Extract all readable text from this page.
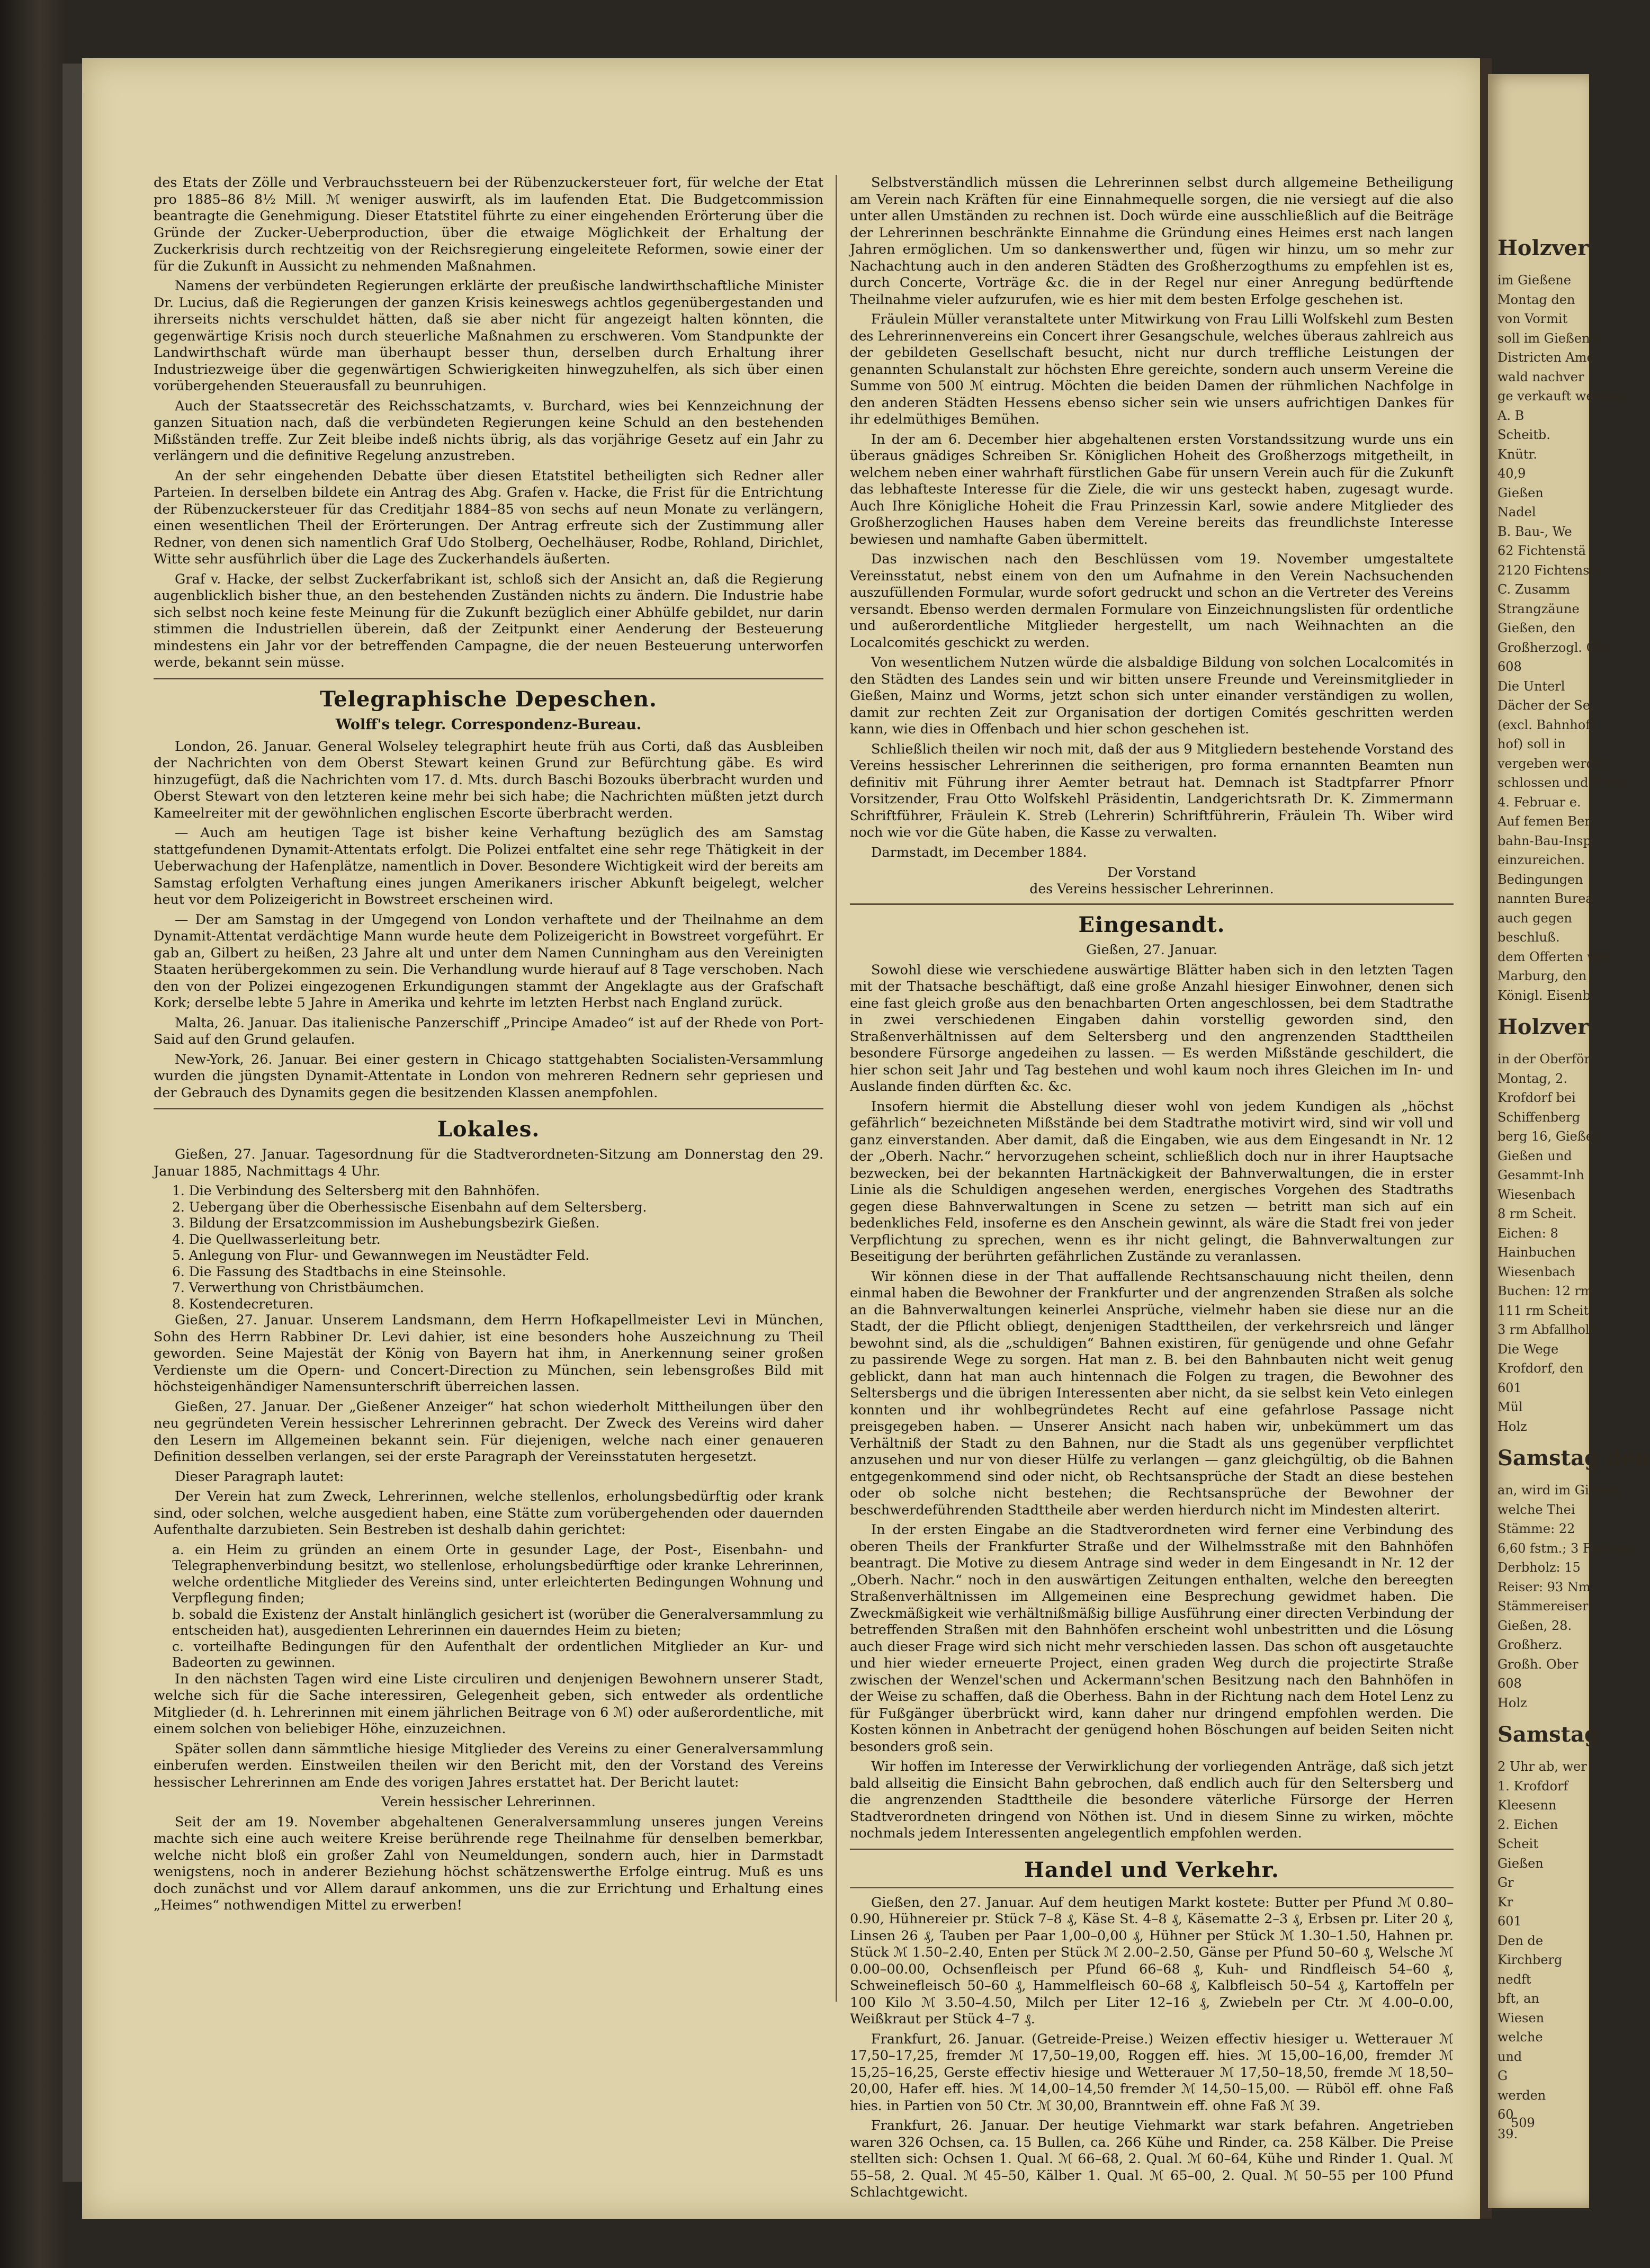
des Etats der Zölle und Verbrauchssteuern bei der Rübenzuckersteuer fort, für welche der Etat pro 1885–86 8½ Mill. ℳ weniger auswirft, als im laufenden Etat. Die Budgetcommission beantragte die Genehmigung. Dieser Etatstitel führte zu einer eingehenden Erörterung über die Gründe der Zucker-Ueberproduction, über die etwaige Möglichkeit der Erhaltung der Zuckerkrisis durch rechtzeitig von der Reichsregierung eingeleitete Reformen, sowie einer der für die Zukunft in Aussicht zu nehmenden Maßnahmen.

Namens der verbündeten Regierungen erklärte der preußische landwirthschaftliche Minister Dr. Lucius, daß die Regierungen der ganzen Krisis keineswegs achtlos gegenübergestanden und ihrerseits nichts verschuldet hätten, daß sie aber nicht für angezeigt halten könnten, die gegenwärtige Krisis noch durch steuerliche Maßnahmen zu erschweren. Vom Standpunkte der Landwirthschaft würde man überhaupt besser thun, derselben durch Erhaltung ihrer Industriezweige über die gegenwärtigen Schwierigkeiten hinwegzuhelfen, als sich über einen vorübergehenden Steuerausfall zu beunruhigen.

Auch der Staatssecretär des Reichsschatzamts, v. Burchard, wies bei Kennzeichnung der ganzen Situation nach, daß die verbündeten Regierungen keine Schuld an den bestehenden Mißständen treffe. Zur Zeit bleibe indeß nichts übrig, als das vorjährige Gesetz auf ein Jahr zu verlängern und die definitive Regelung anzustreben.

An der sehr eingehenden Debatte über diesen Etatstitel betheiligten sich Redner aller Parteien. In derselben bildete ein Antrag des Abg. Grafen v. Hacke, die Frist für die Entrichtung der Rübenzuckersteuer für das Creditjahr 1884–85 von sechs auf neun Monate zu verlängern, einen wesentlichen Theil der Erörterungen. Der Antrag erfreute sich der Zustimmung aller Redner, von denen sich namentlich Graf Udo Stolberg, Oechelhäuser, Rodbe, Rohland, Dirichlet, Witte sehr ausführlich über die Lage des Zuckerhandels äußerten.

Graf v. Hacke, der selbst Zuckerfabrikant ist, schloß sich der Ansicht an, daß die Regierung augenblicklich bisher thue, an den bestehenden Zuständen nichts zu ändern. Die Industrie habe sich selbst noch keine feste Meinung für die Zukunft bezüglich einer Abhülfe gebildet, nur darin stimmen die Industriellen überein, daß der Zeitpunkt einer Aenderung der Besteuerung mindestens ein Jahr vor der betreffenden Campagne, die der neuen Besteuerung unterworfen werde, bekannt sein müsse.

Telegraphische Depeschen.
Wolff's telegr. Correspondenz-Bureau.

London, 26. Januar. General Wolseley telegraphirt heute früh aus Corti, daß das Ausbleiben der Nachrichten von dem Oberst Stewart keinen Grund zur Befürchtung gäbe. Es wird hinzugefügt, daß die Nachrichten vom 17. d. Mts. durch Baschi Bozouks überbracht wurden und Oberst Stewart von den letzteren keine mehr bei sich habe; die Nachrichten müßten jetzt durch Kameelreiter mit der gewöhnlichen englischen Escorte überbracht werden.

— Auch am heutigen Tage ist bisher keine Verhaftung bezüglich des am Samstag stattgefundenen Dynamit-Attentats erfolgt. Die Polizei entfaltet eine sehr rege Thätigkeit in der Ueberwachung der Hafenplätze, namentlich in Dover. Besondere Wichtigkeit wird der bereits am Samstag erfolgten Verhaftung eines jungen Amerikaners irischer Abkunft beigelegt, welcher heut vor dem Polizeigericht in Bowstreet erscheinen wird.

— Der am Samstag in der Umgegend von London verhaftete und der Theilnahme an dem Dynamit-Attentat verdächtige Mann wurde heute dem Polizeigericht in Bowstreet vorgeführt. Er gab an, Gilbert zu heißen, 23 Jahre alt und unter dem Namen Cunningham aus den Vereinigten Staaten herübergekommen zu sein. Die Verhandlung wurde hierauf auf 8 Tage verschoben. Nach den von der Polizei eingezogenen Erkundigungen stammt der Angeklagte aus der Grafschaft Kork; derselbe lebte 5 Jahre in Amerika und kehrte im letzten Herbst nach England zurück.

Malta, 26. Januar. Das italienische Panzerschiff „Principe Amadeo“ ist auf der Rhede von Port-Said auf den Grund gelaufen.

New-York, 26. Januar. Bei einer gestern in Chicago stattgehabten Socialisten-Versammlung wurden die jüngsten Dynamit-Attentate in London von mehreren Rednern sehr gepriesen und der Gebrauch des Dynamits gegen die besitzenden Klassen anempfohlen.

Lokales.

Gießen, 27. Januar. Tagesordnung für die Stadtverordneten-Sitzung am Donnerstag den 29. Januar 1885, Nachmittags 4 Uhr.

1. Die Verbindung des Seltersberg mit den Bahnhöfen.

2. Uebergang über die Oberhessische Eisenbahn auf dem Seltersberg.

3. Bildung der Ersatzcommission im Aushebungsbezirk Gießen.

4. Die Quellwasserleitung betr.

5. Anlegung von Flur- und Gewannwegen im Neustädter Feld.

6. Die Fassung des Stadtbachs in eine Steinsohle.

7. Verwerthung von Christbäumchen.

8. Kostendecreturen.

Gießen, 27. Januar. Unserem Landsmann, dem Herrn Hofkapellmeister Levi in München, Sohn des Herrn Rabbiner Dr. Levi dahier, ist eine besonders hohe Auszeichnung zu Theil geworden. Seine Majestät der König von Bayern hat ihm, in Anerkennung seiner großen Verdienste um die Opern- und Concert-Direction zu München, sein lebensgroßes Bild mit höchsteigenhändiger Namensunterschrift überreichen lassen.

Gießen, 27. Januar. Der „Gießener Anzeiger“ hat schon wiederholt Mittheilungen über den neu gegründeten Verein hessischer Lehrerinnen gebracht. Der Zweck des Vereins wird daher den Lesern im Allgemeinen bekannt sein. Für diejenigen, welche nach einer genaueren Definition desselben verlangen, sei der erste Paragraph der Vereinsstatuten hergesetzt.

Dieser Paragraph lautet:

Der Verein hat zum Zweck, Lehrerinnen, welche stellenlos, erholungsbedürftig oder krank sind, oder solchen, welche ausgedient haben, eine Stätte zum vorübergehenden oder dauernden Aufenthalte darzubieten. Sein Bestreben ist deshalb dahin gerichtet:

a. ein Heim zu gründen an einem Orte in gesunder Lage, der Post-, Eisenbahn- und Telegraphenverbindung besitzt, wo stellenlose, erholungsbedürftige oder kranke Lehrerinnen, welche ordentliche Mitglieder des Vereins sind, unter erleichterten Bedingungen Wohnung und Verpflegung finden;

b. sobald die Existenz der Anstalt hinlänglich gesichert ist (worüber die Generalversammlung zu entscheiden hat), ausgedienten Lehrerinnen ein dauerndes Heim zu bieten;

c. vorteilhafte Bedingungen für den Aufenthalt der ordentlichen Mitglieder an Kur- und Badeorten zu gewinnen.

In den nächsten Tagen wird eine Liste circuliren und denjenigen Bewohnern unserer Stadt, welche sich für die Sache interessiren, Gelegenheit geben, sich entweder als ordentliche Mitglieder (d. h. Lehrerinnen mit einem jährlichen Beitrage von 6 ℳ) oder außerordentliche, mit einem solchen von beliebiger Höhe, einzuzeichnen.

Später sollen dann sämmtliche hiesige Mitglieder des Vereins zu einer Generalversammlung einberufen werden. Einstweilen theilen wir den Bericht mit, den der Vorstand des Vereins hessischer Lehrerinnen am Ende des vorigen Jahres erstattet hat. Der Bericht lautet:

Verein hessischer Lehrerinnen.

Seit der am 19. November abgehaltenen Generalversammlung unseres jungen Vereins machte sich eine auch weitere Kreise berührende rege Theilnahme für denselben bemerkbar, welche nicht bloß ein großer Zahl von Neumeldungen, sondern auch, hier in Darmstadt wenigstens, noch in anderer Beziehung höchst schätzenswerthe Erfolge eintrug. Muß es uns doch zunächst und vor Allem darauf ankommen, uns die zur Errichtung und Erhaltung eines „Heimes“ nothwendigen Mittel zu erwerben!

Selbstverständlich müssen die Lehrerinnen selbst durch allgemeine Betheiligung am Verein nach Kräften für eine Einnahmequelle sorgen, die nie versiegt auf die also unter allen Umständen zu rechnen ist. Doch würde eine ausschließlich auf die Beiträge der Lehrerinnen beschränkte Einnahme die Gründung eines Heimes erst nach langen Jahren ermöglichen. Um so dankenswerther und, fügen wir hinzu, um so mehr zur Nachachtung auch in den anderen Städten des Großherzogthums zu empfehlen ist es, durch Concerte, Vorträge &c. die in der Regel nur einer Anregung bedürftende Theilnahme vieler aufzurufen, wie es hier mit dem besten Erfolge geschehen ist.

Fräulein Müller veranstaltete unter Mitwirkung von Frau Lilli Wolfskehl zum Besten des Lehrerinnenvereins ein Concert ihrer Gesangschule, welches überaus zahlreich aus der gebildeten Gesellschaft besucht, nicht nur durch treffliche Leistungen der genannten Schulanstalt zur höchsten Ehre gereichte, sondern auch unserm Vereine die Summe von 500 ℳ eintrug. Möchten die beiden Damen der rühmlichen Nachfolge in den anderen Städten Hessens ebenso sicher sein wie unsers aufrichtigen Dankes für ihr edelmüthiges Bemühen.

In der am 6. December hier abgehaltenen ersten Vorstandssitzung wurde uns ein überaus gnädiges Schreiben Sr. Königlichen Hoheit des Großherzogs mitgetheilt, in welchem neben einer wahrhaft fürstlichen Gabe für unsern Verein auch für die Zukunft das lebhafteste Interesse für die Ziele, die wir uns gesteckt haben, zugesagt wurde. Auch Ihre Königliche Hoheit die Frau Prinzessin Karl, sowie andere Mitglieder des Großherzoglichen Hauses haben dem Vereine bereits das freundlichste Interesse bewiesen und namhafte Gaben übermittelt.

Das inzwischen nach den Beschlüssen vom 19. November umgestaltete Vereinsstatut, nebst einem von den um Aufnahme in den Verein Nachsuchenden auszufüllenden Formular, wurde sofort gedruckt und schon an die Vertreter des Vereins versandt. Ebenso werden dermalen Formulare von Einzeichnungslisten für ordentliche und außerordentliche Mitglieder hergestellt, um nach Weihnachten an die Localcomités geschickt zu werden.

Von wesentlichem Nutzen würde die alsbaldige Bildung von solchen Localcomités in den Städten des Landes sein und wir bitten unsere Freunde und Vereinsmitglieder in Gießen, Mainz und Worms, jetzt schon sich unter einander verständigen zu wollen, damit zur rechten Zeit zur Organisation der dortigen Comités geschritten werden kann, wie dies in Offenbach und hier schon geschehen ist.

Schließlich theilen wir noch mit, daß der aus 9 Mitgliedern bestehende Vorstand des Vereins hessischer Lehrerinnen die seitherigen, pro forma ernannten Beamten nun definitiv mit Führung ihrer Aemter betraut hat. Demnach ist Stadtpfarrer Pfnorr Vorsitzender, Frau Otto Wolfskehl Präsidentin, Landgerichtsrath Dr. K. Zimmermann Schriftführer, Fräulein K. Streb (Lehrerin) Schriftführerin, Fräulein Th. Wiber wird noch wie vor die Güte haben, die Kasse zu verwalten.

Darmstadt, im December 1884.

Der Vorstand

des Vereins hessischer Lehrerinnen.

Eingesandt.

Gießen, 27. Januar.

Sowohl diese wie verschiedene auswärtige Blätter haben sich in den letzten Tagen mit der Thatsache beschäftigt, daß eine große Anzahl hiesiger Einwohner, denen sich eine fast gleich große aus den benachbarten Orten angeschlossen, bei dem Stadtrathe in zwei verschiedenen Eingaben dahin vorstellig geworden sind, den Straßenverhältnissen auf dem Seltersberg und den angrenzenden Stadttheilen besondere Fürsorge angedeihen zu lassen. — Es werden Mißstände geschildert, die hier schon seit Jahr und Tag bestehen und wohl kaum noch ihres Gleichen im In- und Auslande finden dürften &c. &c.

Insofern hiermit die Abstellung dieser wohl von jedem Kundigen als „höchst gefährlich“ bezeichneten Mißstände bei dem Stadtrathe motivirt wird, sind wir voll und ganz einverstanden. Aber damit, daß die Eingaben, wie aus dem Eingesandt in Nr. 12 der „Oberh. Nachr.“ hervorzugehen scheint, schließlich doch nur in ihrer Hauptsache bezwecken, bei der bekannten Hartnäckigkeit der Bahnverwaltungen, die in erster Linie als die Schuldigen angesehen werden, energisches Vorgehen des Stadtraths gegen diese Bahnverwaltungen in Scene zu setzen — betritt man sich auf ein bedenkliches Feld, insoferne es den Anschein gewinnt, als wäre die Stadt frei von jeder Verpflichtung zu sprechen, wenn es ihr nicht gelingt, die Bahnverwaltungen zur Beseitigung der berührten gefährlichen Zustände zu veranlassen.

Wir können diese in der That auffallende Rechtsanschauung nicht theilen, denn einmal haben die Bewohner der Frankfurter und der angrenzenden Straßen als solche an die Bahnverwaltungen keinerlei Ansprüche, vielmehr haben sie diese nur an die Stadt, der die Pflicht obliegt, denjenigen Stadttheilen, der verkehrsreich und länger bewohnt sind, als die „schuldigen“ Bahnen existiren, für genügende und ohne Gefahr zu passirende Wege zu sorgen. Hat man z. B. bei den Bahnbauten nicht weit genug geblickt, dann hat man auch hintennach die Folgen zu tragen, die Bewohner des Seltersbergs und die übrigen Interessenten aber nicht, da sie selbst kein Veto einlegen konnten und ihr wohlbegründetes Recht auf eine gefahrlose Passage nicht preisgegeben haben. — Unserer Ansicht nach haben wir, unbekümmert um das Verhältniß der Stadt zu den Bahnen, nur die Stadt als uns gegenüber verpflichtet anzusehen und nur von dieser Hülfe zu verlangen — ganz gleichgültig, ob die Bahnen entgegenkommend sind oder nicht, ob Rechtsansprüche der Stadt an diese bestehen oder ob solche nicht bestehen; die Rechtsansprüche der Bewohner der beschwerdeführenden Stadttheile aber werden hierdurch nicht im Mindesten alterirt.

In der ersten Eingabe an die Stadtverordneten wird ferner eine Verbindung des oberen Theils der Frankfurter Straße und der Wilhelmsstraße mit den Bahnhöfen beantragt. Die Motive zu diesem Antrage sind weder in dem Eingesandt in Nr. 12 der „Oberh. Nachr.“ noch in den auswärtigen Zeitungen enthalten, welche den bereegten Straßenverhältnissen im Allgemeinen eine Besprechung gewidmet haben. Die Zweckmäßigkeit wie verhältnißmäßig billige Ausführung einer directen Verbindung der betreffenden Straßen mit den Bahnhöfen erscheint wohl unbestritten und die Lösung auch dieser Frage wird sich nicht mehr verschieden lassen. Das schon oft ausgetauchte und hier wieder erneuerte Project, einen graden Weg durch die projectirte Straße zwischen der Wenzel'schen und Ackermann'schen Besitzung nach den Bahnhöfen in der Weise zu schaffen, daß die Oberhess. Bahn in der Richtung nach dem Hotel Lenz zu für Fußgänger überbrückt wird, kann daher nur dringend empfohlen werden. Die Kosten können in Anbetracht der genügend hohen Böschungen auf beiden Seiten nicht besonders groß sein.

Wir hoffen im Interesse der Verwirklichung der vorliegenden Anträge, daß sich jetzt bald allseitig die Einsicht Bahn gebrochen, daß endlich auch für den Seltersberg und die angrenzenden Stadttheile die besondere väterliche Fürsorge der Herren Stadtverordneten dringend von Nöthen ist. Und in diesem Sinne zu wirken, möchte nochmals jedem Interessenten angelegentlich empfohlen werden.

Handel und Verkehr.

Gießen, den 27. Januar. Auf dem heutigen Markt kostete: Butter per Pfund ℳ 0.80–0.90, Hühnereier pr. Stück 7–8 ₰, Käse St. 4–8 ₰, Käsematte 2–3 ₰, Erbsen pr. Liter 20 ₰, Linsen 26 ₰, Tauben per Paar 1,00–0,00 ₰, Hühner per Stück ℳ 1.30–1.50, Hahnen pr. Stück ℳ 1.50–2.40, Enten per Stück ℳ 2.00–2.50, Gänse per Pfund 50–60 ₰, Welsche ℳ 0.00–00.00, Ochsenfleisch per Pfund 66–68 ₰, Kuh- und Rindfleisch 54–60 ₰, Schweinefleisch 50–60 ₰, Hammelfleisch 60–68 ₰, Kalbfleisch 50–54 ₰, Kartoffeln per 100 Kilo ℳ 3.50–4.50, Milch per Liter 12–16 ₰, Zwiebeln per Ctr. ℳ 4.00–0.00, Weißkraut per Stück 4–7 ₰.

Frankfurt, 26. Januar. (Getreide-Preise.) Weizen effectiv hiesiger u. Wetterauer ℳ 17,50–17,25, fremder ℳ 17,50–19,00, Roggen eff. hies. ℳ 15,00–16,00, fremder ℳ 15,25–16,25, Gerste effectiv hiesige und Wetterauer ℳ 17,50–18,50, fremde ℳ 18,50–20,00, Hafer eff. hies. ℳ 14,00–14,50 fremder ℳ 14,50–15,00. — Rüböl eff. ohne Faß hies. in Partien von 50 Ctr. ℳ 30,00, Branntwein eff. ohne Faß ℳ 39.

Frankfurt, 26. Januar. Der heutige Viehmarkt war stark befahren. Angetrieben waren 326 Ochsen, ca. 15 Bullen, ca. 266 Kühe und Rinder, ca. 258 Kälber. Die Preise stellten sich: Ochsen 1. Qual. ℳ 66–68, 2. Qual. ℳ 60–64, Kühe und Rinder 1. Qual. ℳ 55–58, 2. Qual. ℳ 45–50, Kälber 1. Qual. ℳ 65–00, 2. Qual. ℳ 50–55 per 100 Pfund Schlachtgewicht.

Holzver
im Gießene
Montag den
von Vormit
soll im Gießene
Districten Amei
wald nachver
ge verkauft werden:
A. B
Scheitb.
Knütr.
40,9
Gießen
Nadel
B. Bau-, We
62 Fichtenstä
2120 Fichtenstä
C. Zusamm
Strangzäune
Gießen, den
Großherzogl. Obe
608
Die Unterl
Dächer der Se
(excl. Bahnhof)
hof) soll in
vergeben werden
schlossen und frank
4. Februar e.
Auf femen Ber
bahn-Bau-Insp
einzureichen.
Bedingungen
nannten Burea
auch gegen
beschluß.
dem Offerten wer
Marburg, den
Königl. Eisenb
Holzver
in der Oberför
Montag, 2.
Krofdorf bei
Schiffenberg
berg 16, Gießen
Gießen und
Gesammt-Inh
Wiesenbach
8 rm Scheit.
Eichen: 8
Hainbuchen
Wiesenbach
Buchen: 12 rm
111 rm Scheit.
3 rm Abfallholz
Die Wege
Krofdorf, den
601
Mül
Holz
Samstag den
an, wird im Gießen
welche Thei
Stämme: 22
6,60 fstm.; 3 Fichten
Derbholz: 15
Reiser: 93 Nm.
Stämmereiser
Gießen, 28.
Großherz.
Großh. Ober
608
Holz
Samstag
2 Uhr ab, wer
1. Krofdorf
Kleesenn
2. Eichen
Scheit
Gießen
Gr
Kr
601
Den de
Kirchberg
nedft
bft, an
Wiesen
welche
und
G
werden
60
39.
509
